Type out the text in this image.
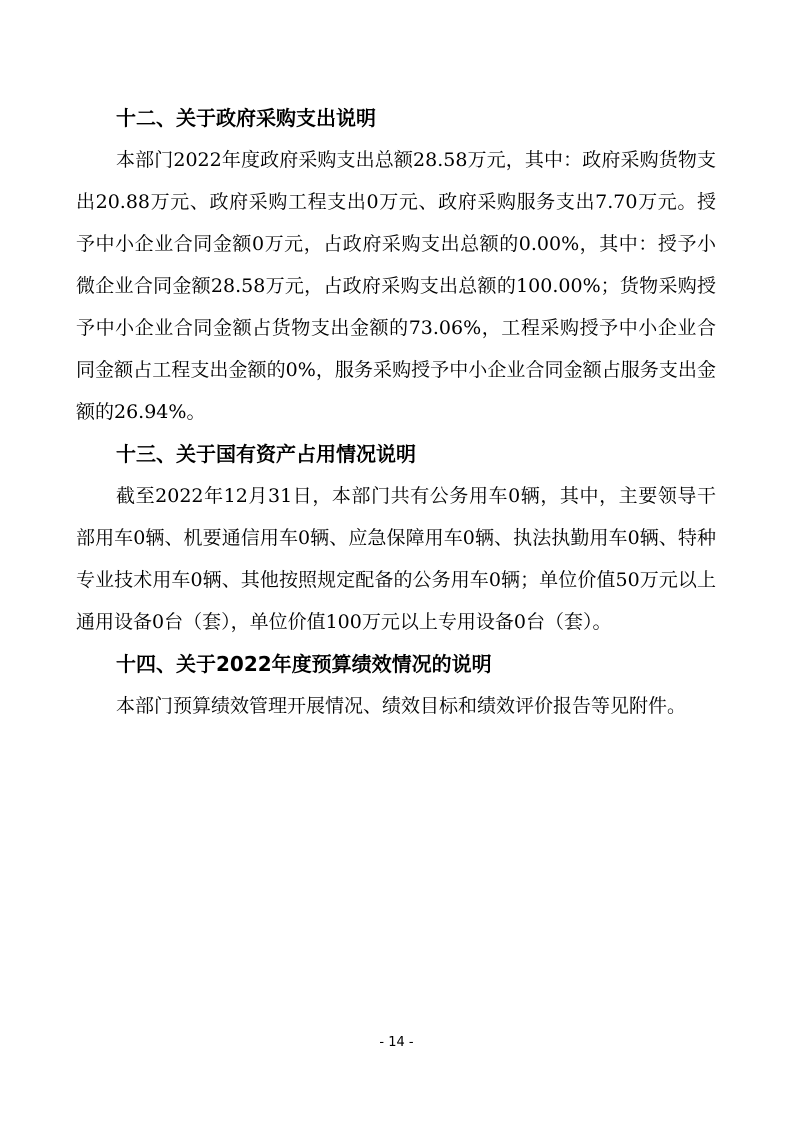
十二、关于政府采购支出说明

本部门2022年度政府采购支出总额28.58万元，其中：政府采购货物支出20.88万元、政府采购工程支出0万元、政府采购服务支出7.70万元。授予中小企业合同金额0万元，占政府采购支出总额的0.00%，其中：授予小微企业合同金额28.58万元，占政府采购支出总额的100.00%；货物采购授予中小企业合同金额占货物支出金额的73.06%，工程采购授予中小企业合同金额占工程支出金额的0%，服务采购授予中小企业合同金额占服务支出金额的26.94%。

十三、关于国有资产占用情况说明

截至2022年12月31日，本部门共有公务用车0辆，其中，主要领导干部用车0辆、机要通信用车0辆、应急保障用车0辆、执法执勤用车0辆、特种专业技术用车0辆、其他按照规定配备的公务用车0辆；单位价值50万元以上通用设备0台（套），单位价值100万元以上专用设备0台（套）。

十四、关于2022年度预算绩效情况的说明

本部门预算绩效管理开展情况、绩效目标和绩效评价报告等见附件。

- 14 -
